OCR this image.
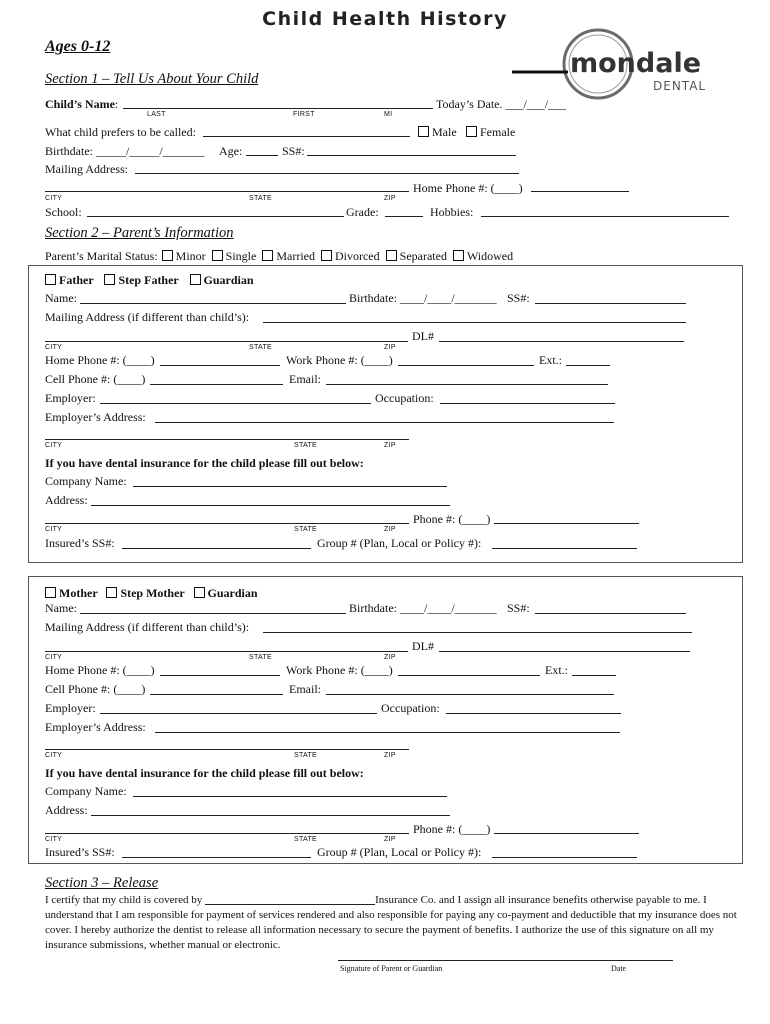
Child Health History
Ages 0-12
mondale
DENTAL
Section 1 – Tell Us About Your Child
Child’s Name:	Today’s Date. ___/___/___
LAST	FIRST	MI
What child prefers to be called:	Male	Female
Birthdate: _____/_____/_______ Age:	SS#:
Mailing Address:
Home Phone #: (____)
CITY	STATE	ZIP
School:	Grade:	Hobbies:
Section 2 – Parent’s Information
Parent’s Marital Status: Minor Single Married Divorced Separated Widowed
Father Step Father Guardian
Name:	Birthdate: ____/____/_______ SS#:
Mailing Address (if different than child’s):
DL#
CITY	STATE	ZIP
Home Phone #: (____)	Work Phone #: (____)	Ext.:
Cell Phone #: (____)	Email:
Employer:	Occupation:
Employer’s Address:
CITY	STATE	ZIP
If you have dental insurance for the child please fill out below:
Company Name:
Address:
Phone #: (____)
CITY	STATE	ZIP
Insured’s SS#:	Group # (Plan, Local or Policy #):
Mother Step Mother Guardian
Name:	Birthdate: ____/____/_______ SS#:
Mailing Address (if different than child’s):
DL#
CITY	STATE	ZIP
Home Phone #: (____)	Work Phone #: (____)	Ext.:
Cell Phone #: (____)	Email:
Employer:	Occupation:
Employer’s Address:
CITY	STATE	ZIP
If you have dental insurance for the child please fill out below:
Company Name:
Address:
Phone #: (____)
CITY	STATE	ZIP
Insured’s SS#:	Group # (Plan, Local or Policy #):
Section 3 – Release
I certify that my child is covered by	Insurance Co. and I assign all insurance benefits otherwise payable to me. I understand that I am responsible for payment of services rendered and also responsible for paying any co-payment and deductible that my insurance does not cover. I hereby authorize the dentist to release all information necessary to secure the payment of benefits. I authorize the use of this signature on all my insurance submissions, whether manual or electronic.
Signature of Parent or Guardian	Date
